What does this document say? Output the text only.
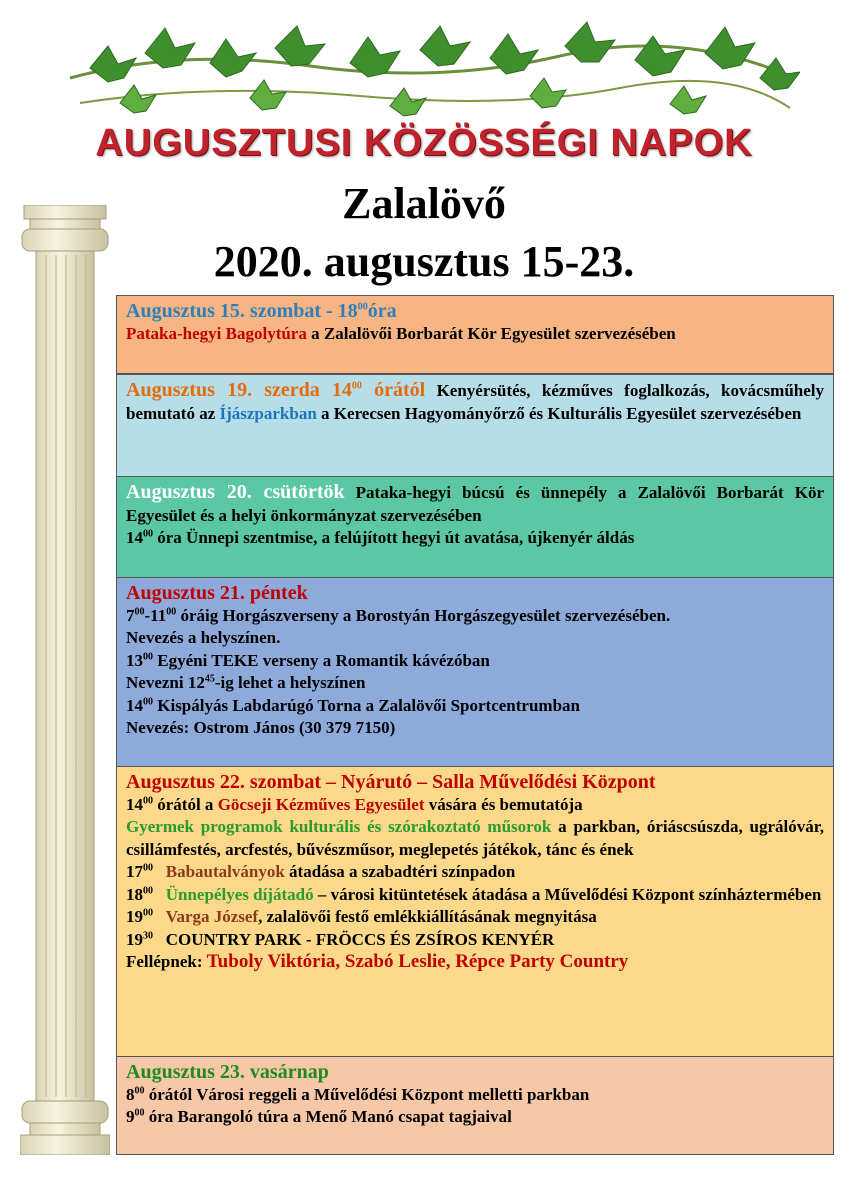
AUGUSZTUSI KÖZÖSSÉGI NAPOK
Zalalövő
2020. augusztus 15-23.
Augusztus 15. szombat - $18^{00}óra$
Pataka-hegyi Bagolytúra a Zalalövői Borbarát Kör Egyesület szervezésében
Augusztus 19. szerda $14^{00}$ órától Kenyérsütés, kézműves foglalkozás, kovácsműhely bemutató az Íjászparkban a Kerecsen Hagyományőrző és Kulturális Egyesület szervezésében
Augusztus 20. csütörtök Pataka-hegyi búcsú és ünnepély a Zalalövői Borbarát Kör Egyesület és a helyi önkormányzat szervezésében
$14^{00}$ óra Ünnepi szentmise, a felújított hegyi út avatása, újkenyér áldás
Augusztus 21. péntek
$7^{00}-11^{00}$ óráig Horgászverseny a Borostyán Horgászegyesület szervezésében.
Nevezés a helyszínen.
$13^{00}$ Egyéni TEKE verseny a Romantik kávézóban
Nevezni $12^{45}-ig$ lehet a helyszínen
$14^{00}$ Kispályás Labdarúgó Torna a Zalalövői Sportcentrumban
Nevezés: Ostrom János (30 379 7150)
Augusztus 22. szombat – Nyárutó – Salla Művelődési Központ
$14^{00}$ órától a Göcseji Kézműves Egyesület vására és bemutatója
Gyermek programok kulturális és szórakoztató műsorok a parkban, óriáscsúszda, ugrálóvár, csillámfestés, arcfestés, bűvészműsor, meglepetés játékok, tánc és ének
$17^{00}$ Babautalványok átadása a szabadtéri színpadon
$18^{00}$ Ünnepélyes díjátadó – városi kitüntetések átadása a Művelődési Központ színháztermében
$19^{00}$ Varga József, zalalövői festő emlékkiállításának megnyitása
$19^{30}$ COUNTRY PARK - FRÖCCS ÉS ZSÍROS KENYÉR
Fellépnek: Tuboly Viktória, Szabó Leslie, Répce Party Country
Augusztus 23. vasárnap
$8^{00}$ órától Városi reggeli a Művelődési Központ melletti parkban
$9^{00}$ óra Barangoló túra a Menő Manó csapat tagjaival
